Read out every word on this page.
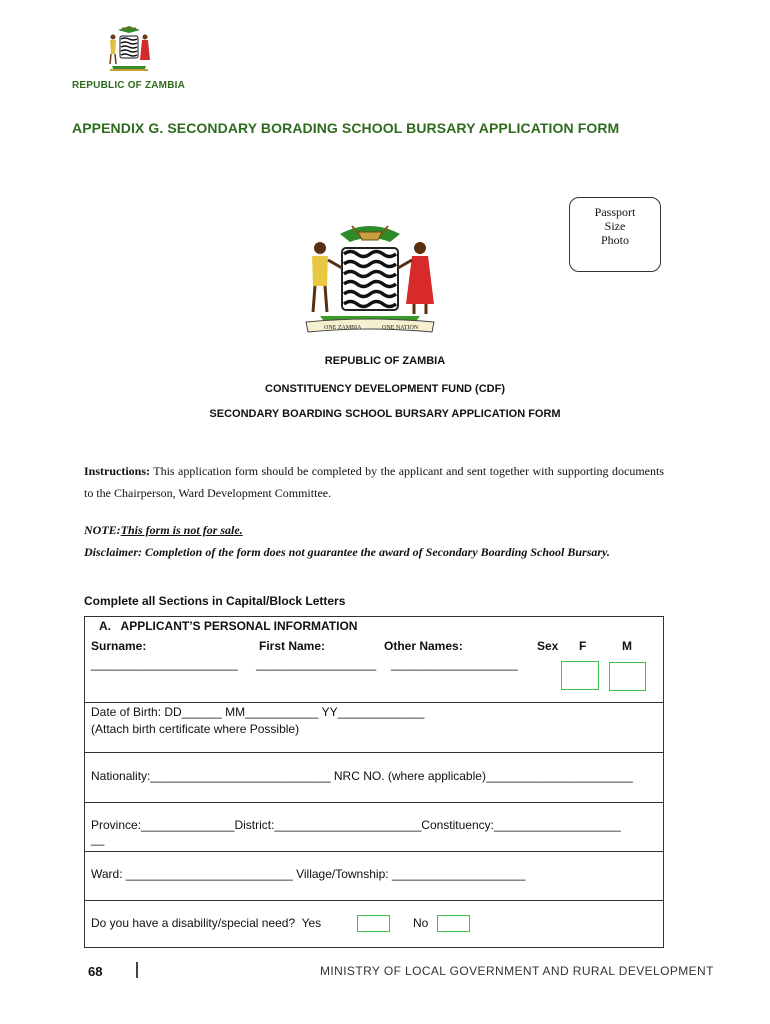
REPUBLIC OF ZAMBIA
APPENDIX G. SECONDARY BORADING SCHOOL BURSARY APPLICATION FORM
Passport
Size
Photo
ONE ZAMBIA	ONE NATION
REPUBLIC OF ZAMBIA
CONSTITUENCY DEVELOPMENT FUND (CDF)
SECONDARY BOARDING SCHOOL BURSARY APPLICATION FORM
Instructions: This application form should be completed by the applicant and sent together with supporting documents to the Chairperson, Ward Development Committee.
NOTE:This form is not for sale.
Disclaimer: Completion of the form does not guarantee the award of Secondary Boarding School Bursary.
Complete all Sections in Capital/Block Letters
A.   APPLICANT’S PERSONAL INFORMATION
Surname:	First Name:	Other Names:	Sex F	M
______________________ __________________ ___________________
Date of Birth: DD______ MM___________ YY_____________
(Attach birth certificate where Possible)
Nationality:___________________________ NRC NO. (where applicable)______________________
Province:______________District:______________________Constituency:___________________
__
Ward: _________________________ Village/Township: ____________________
Do you have a disability/special need?  Yes	No
68	MINISTRY OF LOCAL GOVERNMENT AND RURAL DEVELOPMENT
